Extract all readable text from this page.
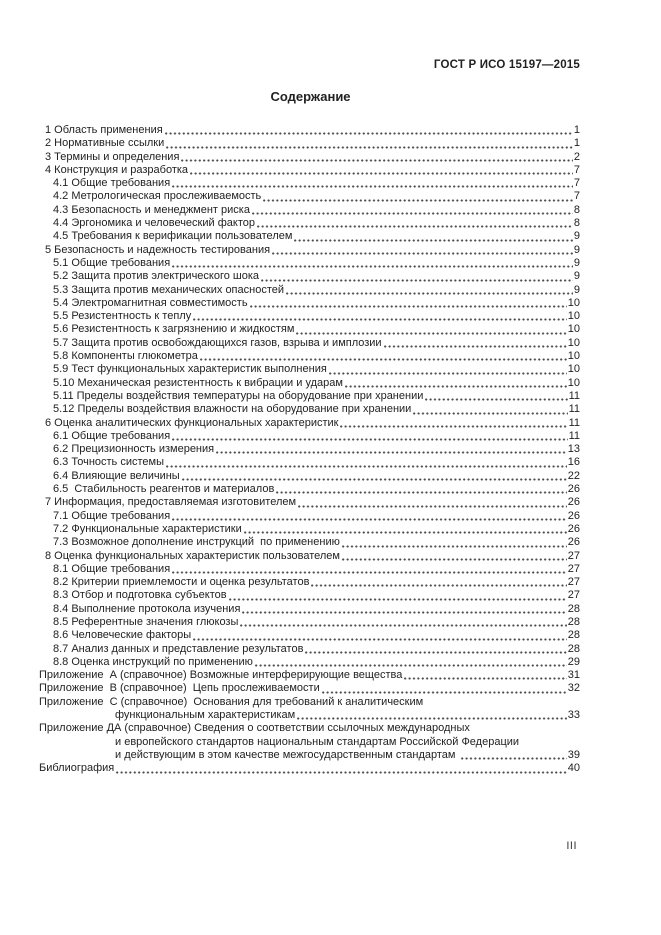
ГОСТ Р ИСО 15197—2015
Содержание
1 Область применения	1
2 Нормативные ссылки	1
3 Термины и определения	2
4 Конструкция и разработка	7
4.1 Общие требования	7
4.2 Метрологическая прослеживаемость	7
4.3 Безопасность и менеджмент риска	8
4.4 Эргономика и человеческий фактор	8
4.5 Требования к верификации пользователем	9
5 Безопасность и надежность тестирования	9
5.1 Общие требования	9
5.2 Защита против электрического шока	9
5.3 Защита против механических опасностей	9
5.4 Электромагнитная совместимость	10
5.5 Резистентность к теплу	10
5.6 Резистентность к загрязнению и жидкостям	10
5.7 Защита против освобождающихся газов, взрыва и имплозии	10
5.8 Компоненты глюкометра	10
5.9 Тест функциональных характеристик выполнения	10
5.10 Механическая резистентность к вибрации и ударам	10
5.11 Пределы воздействия температуры на оборудование при хранении	11
5.12 Пределы воздействия влажности на оборудование при хранении	11
6 Оценка аналитических функциональных характеристик	11
6.1 Общие требования	11
6.2 Прецизионность измерения	13
6.3 Точность системы	16
6.4 Влияющие величины	22
6.5  Стабильность реагентов и материалов	26
7 Информация, предоставляемая изготовителем	26
7.1 Общие требования	26
7.2 Функциональные характеристики	26
7.3 Возможное дополнение инструкций  по применению	26
8 Оценка функциональных характеристик пользователем	27
8.1 Общие требования	27
8.2 Критерии приемлемости и оценка результатов	27
8.3 Отбор и подготовка субъектов	27
8.4 Выполнение протокола изучения	28
8.5 Референтные значения глюкозы	28
8.6 Человеческие факторы	28
8.7 Анализ данных и представление результатов	28
8.8 Оценка инструкций по применению	29
Приложение  А (справочное) Возможные интерферирующие вещества	31
Приложение  В (справочное)  Цепь прослеживаемости	32
Приложение  С (справочное)  Основания для требований к аналитическим
функциональным характеристикам	33
Приложение ДА (справочное) Сведения о соответствии ссылочных международных
и европейского стандартов национальным стандартам Российской Федерации
и действующим в этом качестве межгосударственным стандартам	39
Библиография	40
III
